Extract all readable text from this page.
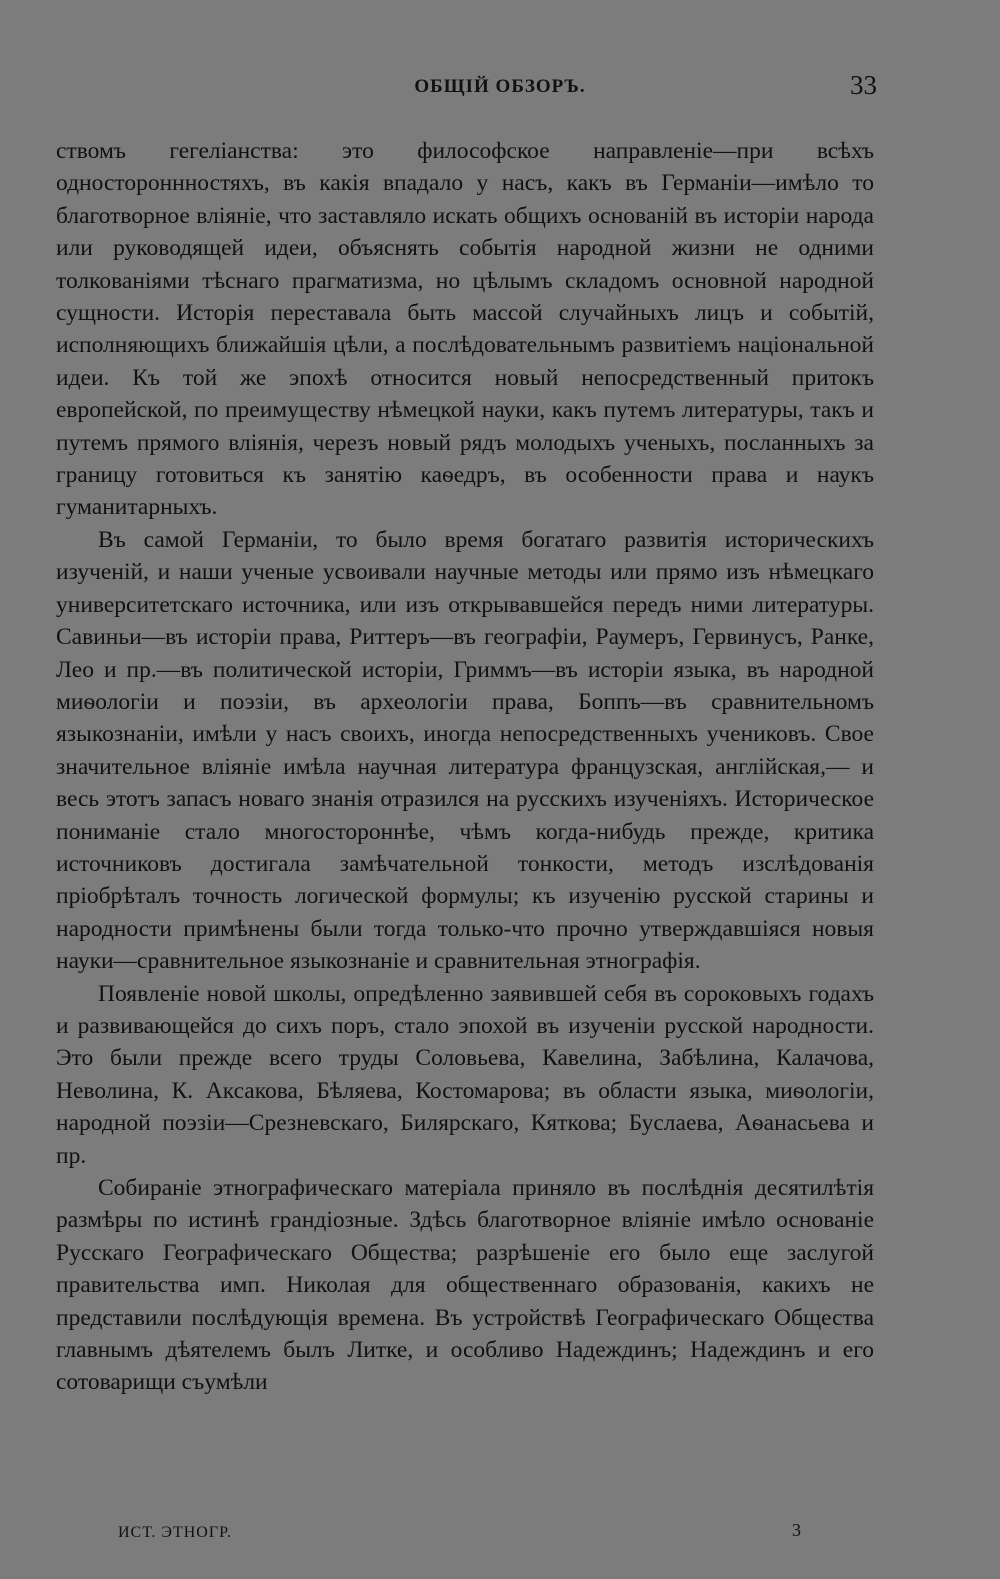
ОБЩІЙ ОБЗОРЪ.	33

ствомъ гегеліанства: это философское направленіе—при всѣхъ одностороннностяхъ, въ какія впадало у насъ, какъ въ Германіи—имѣло то благотворное вліяніе, что заставляло искать общихъ основаній въ исторіи народа или руководящей идеи, объяснять событія народной жизни не одними толкованіями тѣснаго прагматизма, но цѣлымъ складомъ основной народной сущности. Исторія переставала быть массой случайныхъ лицъ и событій, исполняющихъ ближайшія цѣли, а послѣдовательнымъ развитіемъ національной идеи. Къ той же эпохѣ относится новый непосредственный притокъ европейской, по преимуществу нѣмецкой науки, какъ путемъ литературы, такъ и путемъ прямого вліянія, черезъ новый рядъ молодыхъ ученыхъ, посланныхъ за границу готовиться къ занятію каѳедръ, въ особенности права и наукъ гуманитарныхъ.

Въ самой Германіи, то было время богатаго развитія историческихъ изученій, и наши ученые усвоивали научные методы или прямо изъ нѣмецкаго университетскаго источника, или изъ открывавшейся передъ ними литературы. Савиньи—въ исторіи права, Риттеръ—въ географіи, Раумеръ, Гервинусъ, Ранке, Лео и пр.—въ политической исторіи, Гриммъ—въ исторіи языка, въ народной миѳологіи и поэзіи, въ археологіи права, Боппъ—въ сравнительномъ языкознаніи, имѣли у насъ своихъ, иногда непосредственныхъ учениковъ. Свое значительное вліяніе имѣла научная литература французская, англійская,— и весь этотъ запасъ новаго знанія отразился на русскихъ изученіяхъ. Историческое пониманіе стало многостороннѣе, чѣмъ когда-нибудь прежде, критика источниковъ достигала замѣчательной тонкости, методъ изслѣдованія пріобрѣталъ точность логической формулы; къ изученію русской старины и народности примѣнены были тогда только-что прочно утверждавшіяся новыя науки—сравнительное языкознаніе и сравнительная этнографія.

Появленіе новой школы, опредѣленно заявившей себя въ сороковыхъ годахъ и развивающейся до сихъ поръ, стало эпохой въ изученіи русской народности. Это были прежде всего труды Соловьева, Кавелина, Забѣлина, Калачова, Неволина, К. Аксакова, Бѣляева, Костомарова; въ области языка, миѳологіи, народной поэзіи—Срезневскаго, Билярскаго, Кяткова; Буслаева, Аѳанасьева и пр.

Собираніе этнографическаго матеріала приняло въ послѣднія десятилѣтія размѣры по истинѣ грандіозные. Здѣсь благотворное вліяніе имѣло основаніе Русскаго Географическаго Общества; разрѣшеніе его было еще заслугой правительства имп. Николая для общественнаго образованія, какихъ не представили послѣдующія времена. Въ устройствѣ Географическаго Общества главнымъ дѣятелемъ былъ Литке, и особливо Надеждинъ; Надеждинъ и его сотоварищи съумѣли

ИСТ. ЭТНОГР.	3
